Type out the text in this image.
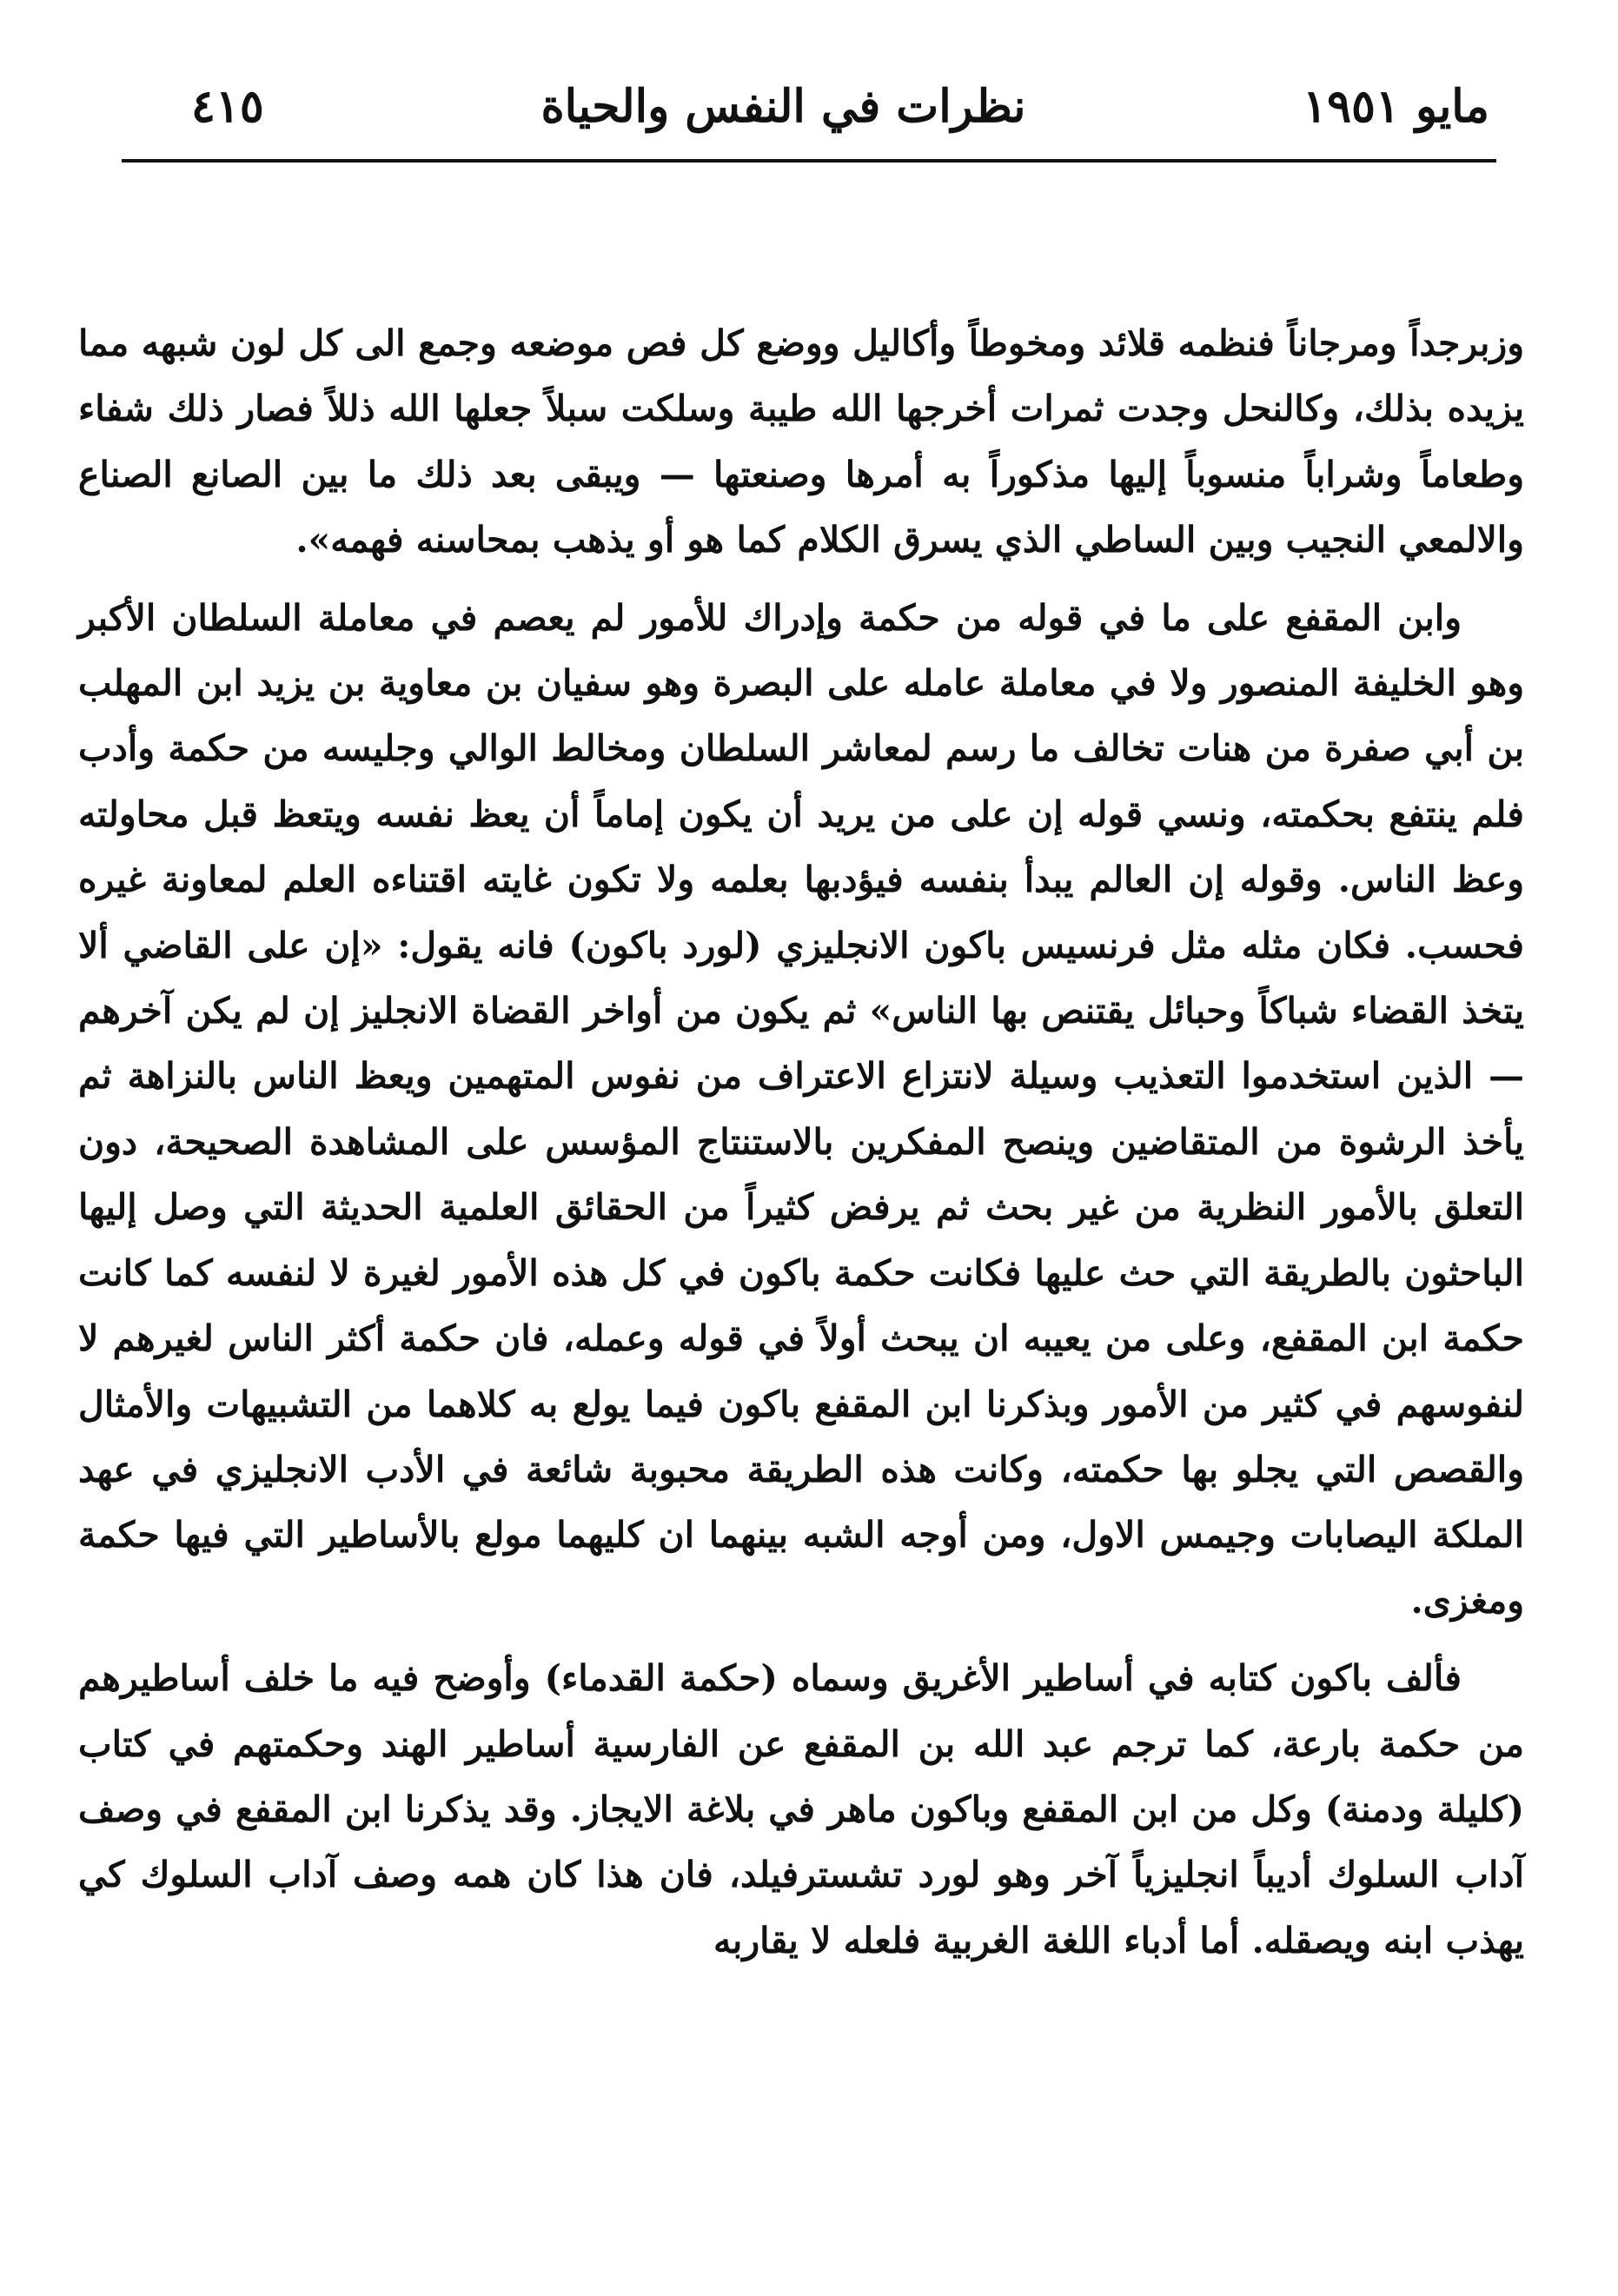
مايو ١٩٥١
نظرات في النفس والحياة
٤١٥

وزبرجداً ومرجاناً فنظمه قلائد ومخوطاً وأكاليل ووضع كل فص موضعه وجمع الى كل لون شبهه مما يزيده بذلك، وكالنحل وجدت ثمرات أخرجها الله طيبة وسلكت سبلاً جعلها الله ذللاً فصار ذلك شفاء وطعاماً وشراباً منسوباً إليها مذكوراً به أمرها وصنعتها — ويبقى بعد ذلك ما بين الصانع الصناع والالمعي النجيب وبين الساطي الذي يسرق الكلام كما هو أو يذهب بمحاسنه فهمه».

وابن المقفع على ما في قوله من حكمة وإدراك للأمور لم يعصم في معاملة السلطان الأكبر وهو الخليفة المنصور ولا في معاملة عامله على البصرة وهو سفيان بن معاوية بن يزيد ابن المهلب بن أبي صفرة من هنات تخالف ما رسم لمعاشر السلطان ومخالط الوالي وجليسه من حكمة وأدب فلم ينتفع بحكمته، ونسي قوله إن على من يريد أن يكون إماماً أن يعظ نفسه ويتعظ قبل محاولته وعظ الناس. وقوله إن العالم يبدأ بنفسه فيؤدبها بعلمه ولا تكون غايته اقتناءه العلم لمعاونة غيره فحسب. فكان مثله مثل فرنسيس باكون الانجليزي (لورد باكون) فانه يقول: «إن على القاضي ألا يتخذ القضاء شباكاً وحبائل يقتنص بها الناس» ثم يكون من أواخر القضاة الانجليز إن لم يكن آخرهم — الذين استخدموا التعذيب وسيلة لانتزاع الاعتراف من نفوس المتهمين ويعظ الناس بالنزاهة ثم يأخذ الرشوة من المتقاضين وينصح المفكرين بالاستنتاج المؤسس على المشاهدة الصحيحة، دون التعلق بالأمور النظرية من غير بحث ثم يرفض كثيراً من الحقائق العلمية الحديثة التي وصل إليها الباحثون بالطريقة التي حث عليها فكانت حكمة باكون في كل هذه الأمور لغيرة لا لنفسه كما كانت حكمة ابن المقفع، وعلى من يعيبه ان يبحث أولاً في قوله وعمله، فان حكمة أكثر الناس لغيرهم لا لنفوسهم في كثير من الأمور وبذكرنا ابن المقفع باكون فيما يولع به كلاهما من التشبيهات والأمثال والقصص التي يجلو بها حكمته، وكانت هذه الطريقة محبوبة شائعة في الأدب الانجليزي في عهد الملكة اليصابات وجيمس الاول، ومن أوجه الشبه بينهما ان كليهما مولع بالأساطير التي فيها حكمة ومغزى.

فألف باكون كتابه في أساطير الأغريق وسماه (حكمة القدماء) وأوضح فيه ما خلف أساطيرهم من حكمة بارعة، كما ترجم عبد الله بن المقفع عن الفارسية أساطير الهند وحكمتهم في كتاب (كليلة ودمنة) وكل من ابن المقفع وباكون ماهر في بلاغة الايجاز. وقد يذكرنا ابن المقفع في وصف آداب السلوك أديباً انجليزياً آخر وهو لورد تشسترفيلد، فان هذا كان همه وصف آداب السلوك كي يهذب ابنه ويصقله. أما أدباء اللغة الغربية فلعله لا يقاربه
